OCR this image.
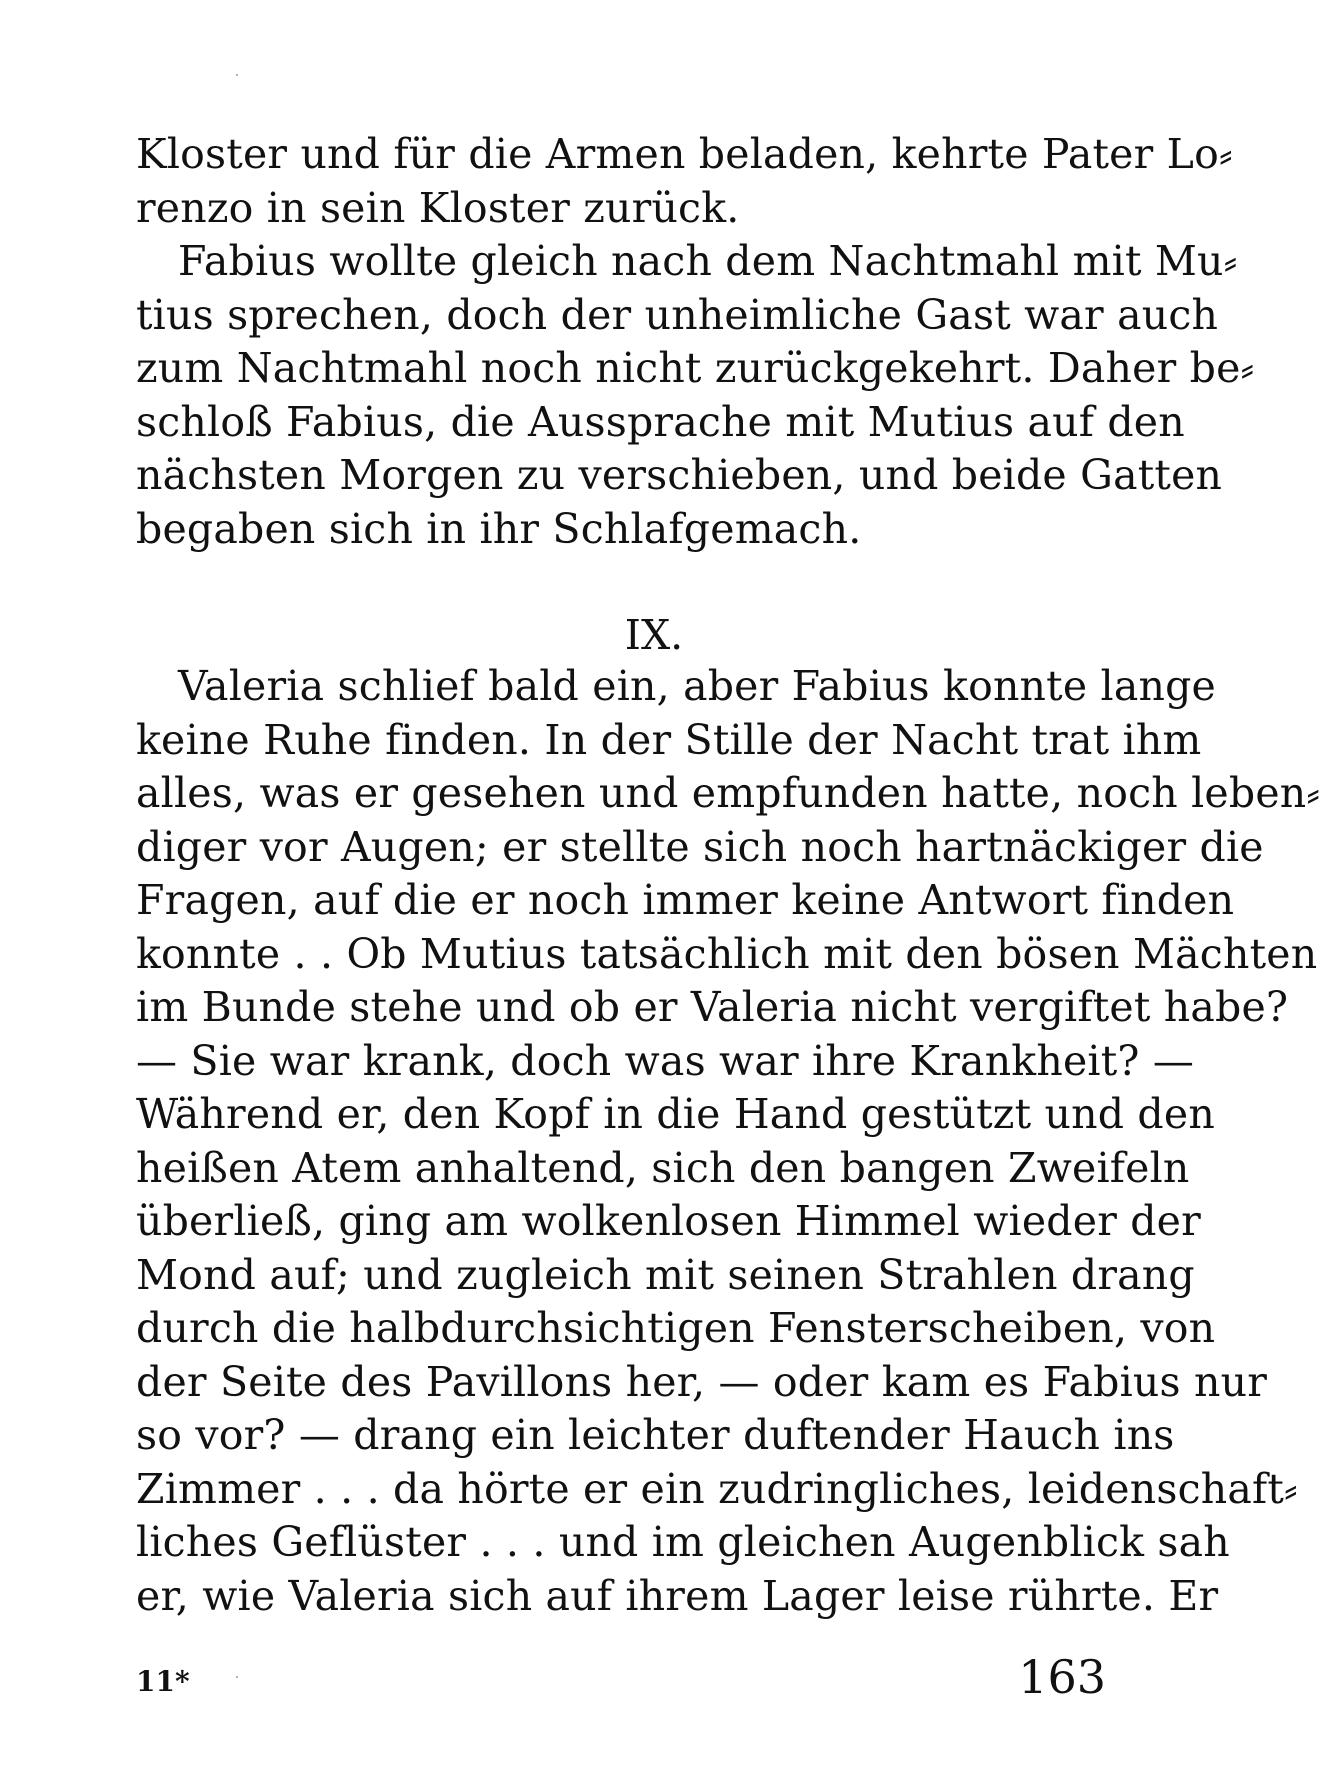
Kloster und für die Armen beladen, kehrte Pater Lo⸗
renzo in sein Kloster zurück.
Fabius wollte gleich nach dem Nachtmahl mit Mu⸗
tius sprechen, doch der unheimliche Gast war auch
zum Nachtmahl noch nicht zurückgekehrt. Daher be⸗
schloß Fabius, die Aussprache mit Mutius auf den
nächsten Morgen zu verschieben, und beide Gatten
begaben sich in ihr Schlafgemach.
IX.
Valeria schlief bald ein, aber Fabius konnte lange
keine Ruhe finden. In der Stille der Nacht trat ihm
alles, was er gesehen und empfunden hatte, noch leben⸗
diger vor Augen; er stellte sich noch hartnäckiger die
Fragen, auf die er noch immer keine Antwort finden
konnte . . Ob Mutius tatsächlich mit den bösen Mächten
im Bunde stehe und ob er Valeria nicht vergiftet habe?
— Sie war krank, doch was war ihre Krankheit? —
Während er, den Kopf in die Hand gestützt und den
heißen Atem anhaltend, sich den bangen Zweifeln
überließ, ging am wolkenlosen Himmel wieder der
Mond auf; und zugleich mit seinen Strahlen drang
durch die halbdurchsichtigen Fensterscheiben, von
der Seite des Pavillons her, — oder kam es Fabius nur
so vor? — drang ein leichter duftender Hauch ins
Zimmer . . . da hörte er ein zudringliches, leidenschaft⸗
liches Geflüster . . . und im gleichen Augenblick sah
er, wie Valeria sich auf ihrem Lager leise rührte. Er
11*	163
